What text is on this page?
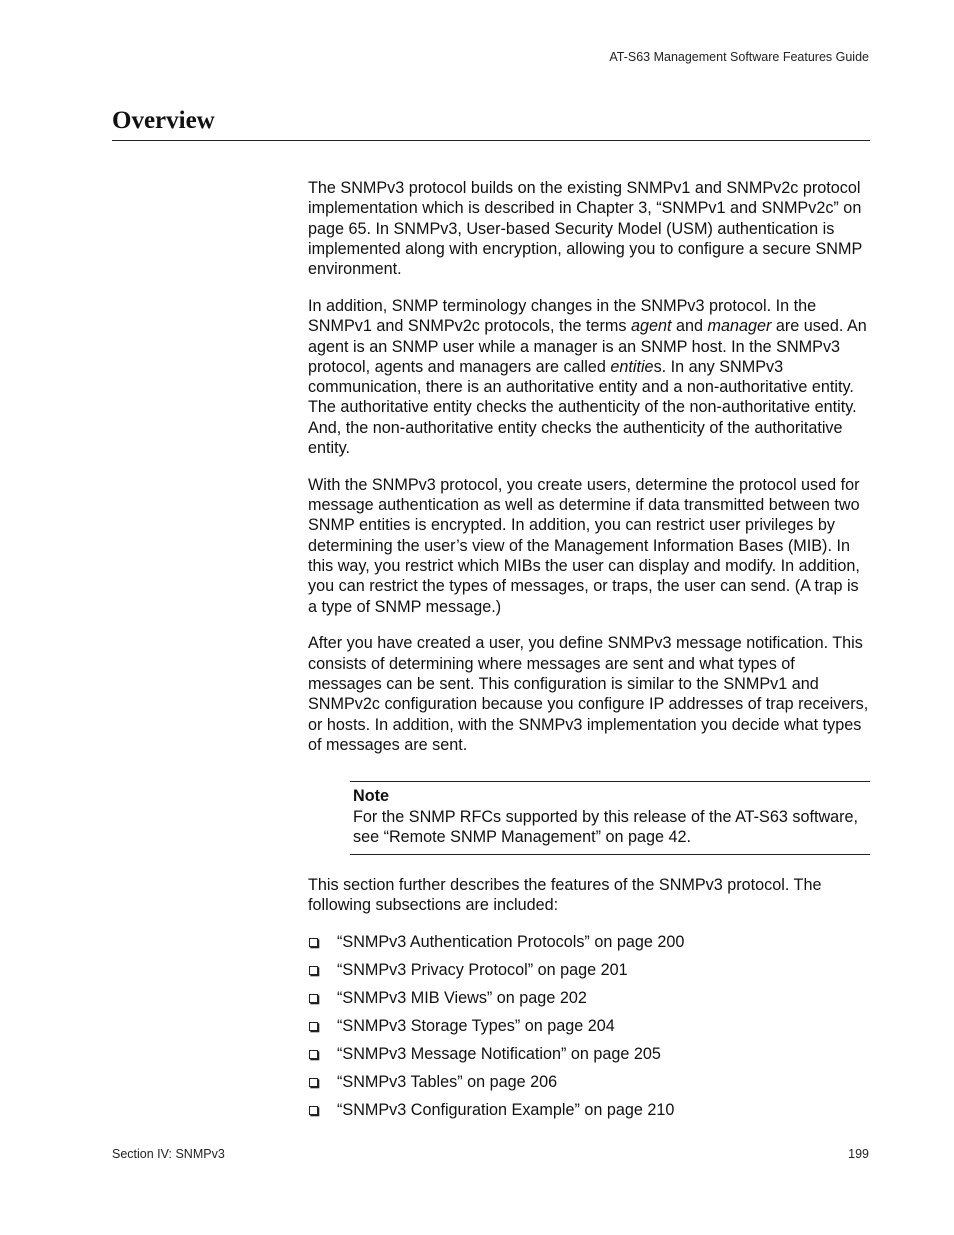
AT-S63 Management Software Features Guide
Overview

The SNMPv3 protocol builds on the existing SNMPv1 and SNMPv2c protocol implementation which is described in Chapter 3, “SNMPv1 and SNMPv2c” on page 65. In SNMPv3, User-based Security Model (USM) authentication is implemented along with encryption, allowing you to configure a secure SNMP environment.

In addition, SNMP terminology changes in the SNMPv3 protocol. In the SNMPv1 and SNMPv2c protocols, the terms agent and manager are used. An agent is an SNMP user while a manager is an SNMP host. In the SNMPv3 protocol, agents and managers are called entities. In any SNMPv3 communication, there is an authoritative entity and a non-authoritative entity. The authoritative entity checks the authenticity of the non-authoritative entity. And, the non-authoritative entity checks the authenticity of the authoritative entity.

With the SNMPv3 protocol, you create users, determine the protocol used for message authentication as well as determine if data transmitted between two SNMP entities is encrypted. In addition, you can restrict user privileges by determining the user’s view of the Management Information Bases (MIB). In this way, you restrict which MIBs the user can display and modify. In addition, you can restrict the types of messages, or traps, the user can send. (A trap is a type of SNMP message.)

After you have created a user, you define SNMPv3 message notification. This consists of determining where messages are sent and what types of messages can be sent. This configuration is similar to the SNMPv1 and SNMPv2c configuration because you configure IP addresses of trap receivers, or hosts. In addition, with the SNMPv3 implementation you decide what types of messages are sent.

Note
For the SNMP RFCs supported by this release of the AT-S63 software, see “Remote SNMP Management” on page 42.

This section further describes the features of the SNMPv3 protocol. The following subsections are included:

“SNMPv3 Authentication Protocols” on page 200
“SNMPv3 Privacy Protocol” on page 201
“SNMPv3 MIB Views” on page 202
“SNMPv3 Storage Types” on page 204
“SNMPv3 Message Notification” on page 205
“SNMPv3 Tables” on page 206
“SNMPv3 Configuration Example” on page 210
Section IV: SNMPv3	199
